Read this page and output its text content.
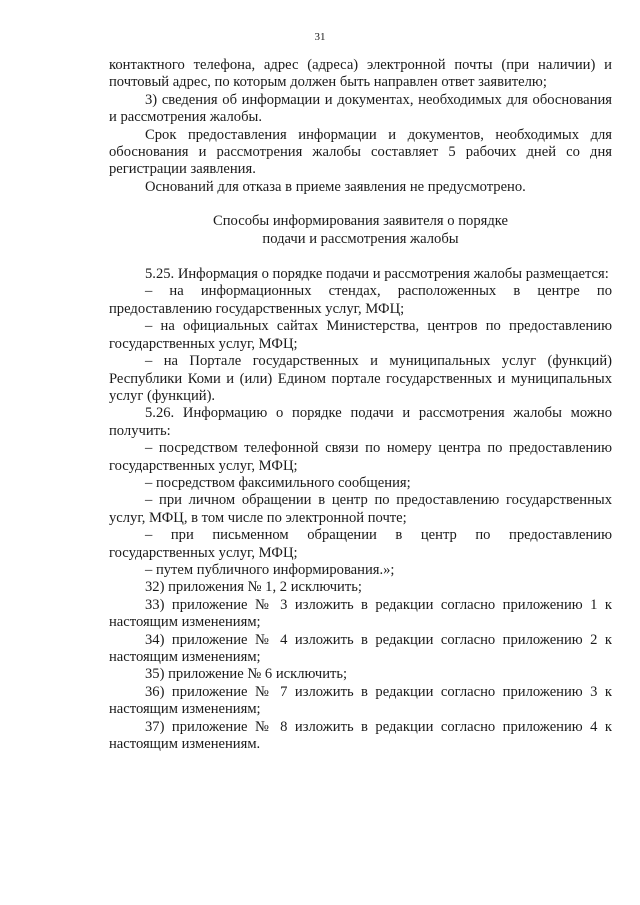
31

контактного телефона, адрес (адреса) электронной почты (при наличии) и почтовый адрес, по которым должен быть направлен ответ заявителю;

3) сведения об информации и документах, необходимых для обоснования и рассмотрения жалобы.

Срок предоставления информации и документов, необходимых для обоснования и рассмотрения жалобы составляет 5 рабочих дней со дня регистрации заявления.

Оснований для отказа в приеме заявления не предусмотрено.

Способы информирования заявителя о порядке
подачи и рассмотрения жалобы

5.25. Информация о порядке подачи и рассмотрения жалобы размещается:

– на информационных стендах, расположенных в центре по предоставлению государственных услуг, МФЦ;

– на официальных сайтах Министерства, центров по предоставлению государственных услуг, МФЦ;

– на Портале государственных и муниципальных услуг (функций) Республики Коми и (или) Едином портале государственных и муниципальных услуг (функций).

5.26. Информацию о порядке подачи и рассмотрения жалобы можно получить:

– посредством телефонной связи по номеру центра по предоставлению государственных услуг, МФЦ;

– посредством факсимильного сообщения;

– при личном обращении в центр по предоставлению государственных услуг, МФЦ, в том числе по электронной почте;

– при письменном обращении в центр по предоставлению государственных услуг, МФЦ;

– путем публичного информирования.»;

32) приложения № 1, 2 исключить;

33) приложение № 3 изложить в редакции согласно приложению 1 к настоящим изменениям;

34) приложение № 4 изложить в редакции согласно приложению 2 к настоящим изменениям;

35) приложение № 6 исключить;

36) приложение № 7 изложить в редакции согласно приложению 3 к настоящим изменениям;

37) приложение № 8 изложить в редакции согласно приложению 4 к настоящим изменениям.
